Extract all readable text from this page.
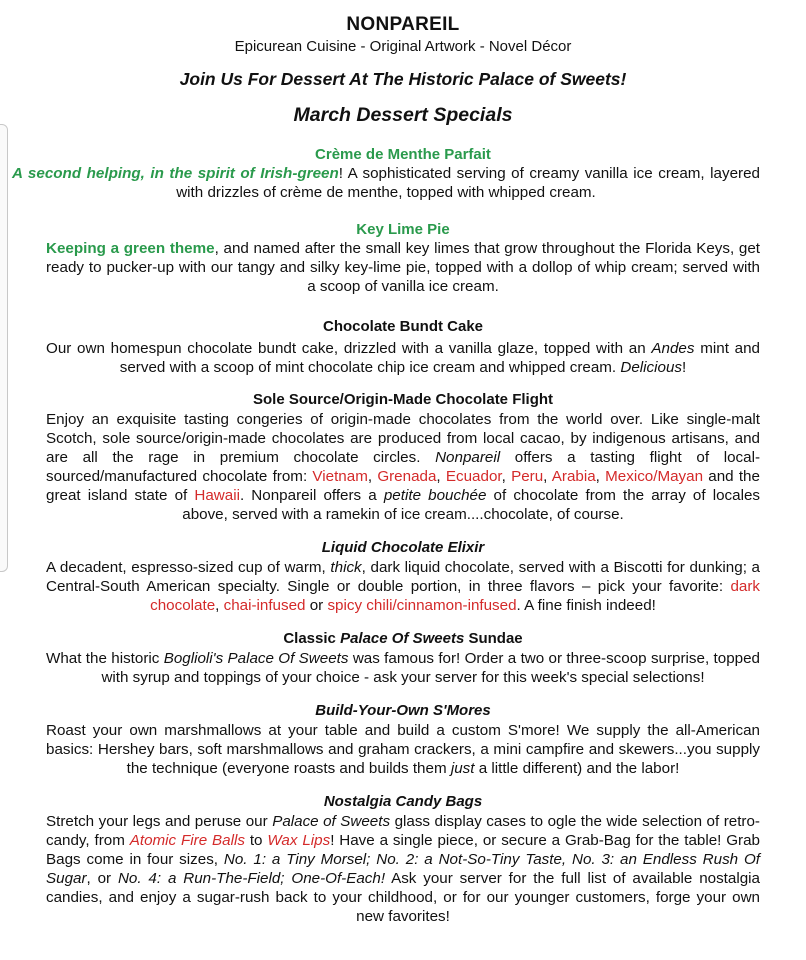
NONPAREIL
Epicurean Cuisine - Original Artwork - Novel Décor
Join Us For Dessert At The Historic Palace of Sweets!
March Dessert Specials
Crème de Menthe Parfait
A second helping, in the spirit of Irish-green! A sophisticated serving of creamy vanilla ice cream, layered with drizzles of crème de menthe, topped with whipped cream.
Key Lime Pie
Keeping a green theme, and named after the small key limes that grow throughout the Florida Keys, get ready to pucker-up with our tangy and silky key-lime pie, topped with a dollop of whip cream; served with a scoop of vanilla ice cream.
Chocolate Bundt Cake
Our own homespun chocolate bundt cake, drizzled with a vanilla glaze, topped with an Andes mint and served with a scoop of mint chocolate chip ice cream and whipped cream. Delicious!
Sole Source/Origin-Made Chocolate Flight
Enjoy an exquisite tasting congeries of origin-made chocolates from the world over. Like single-malt Scotch, sole source/origin-made chocolates are produced from local cacao, by indigenous artisans, and are all the rage in premium chocolate circles. Nonpareil offers a tasting flight of local-sourced/manufactured chocolate from: Vietnam, Grenada, Ecuador, Peru, Arabia, Mexico/Mayan and the great island state of Hawaii. Nonpareil offers a petite bouchée of chocolate from the array of locales above, served with a ramekin of ice cream....chocolate, of course.
Liquid Chocolate Elixir
A decadent, espresso-sized cup of warm, thick, dark liquid chocolate, served with a Biscotti for dunking; a Central-South American specialty. Single or double portion, in three flavors – pick your favorite: dark chocolate, chai-infused or spicy chili/cinnamon-infused. A fine finish indeed!
Classic Palace Of Sweets Sundae
What the historic Boglioli's Palace Of Sweets was famous for! Order a two or three-scoop surprise, topped with syrup and toppings of your choice - ask your server for this week's special selections!
Build-Your-Own S'Mores
Roast your own marshmallows at your table and build a custom S'more! We supply the all-American basics: Hershey bars, soft marshmallows and graham crackers, a mini campfire and skewers...you supply the technique (everyone roasts and builds them just a little different) and the labor!
Nostalgia Candy Bags
Stretch your legs and peruse our Palace of Sweets glass display cases to ogle the wide selection of retro-candy, from Atomic Fire Balls to Wax Lips! Have a single piece, or secure a Grab-Bag for the table! Grab Bags come in four sizes, No. 1: a Tiny Morsel; No. 2: a Not-So-Tiny Taste, No. 3: an Endless Rush Of Sugar, or No. 4: a Run-The-Field; One-Of-Each! Ask your server for the full list of available nostalgia candies, and enjoy a sugar-rush back to your childhood, or for our younger customers, forge your own new favorites!
